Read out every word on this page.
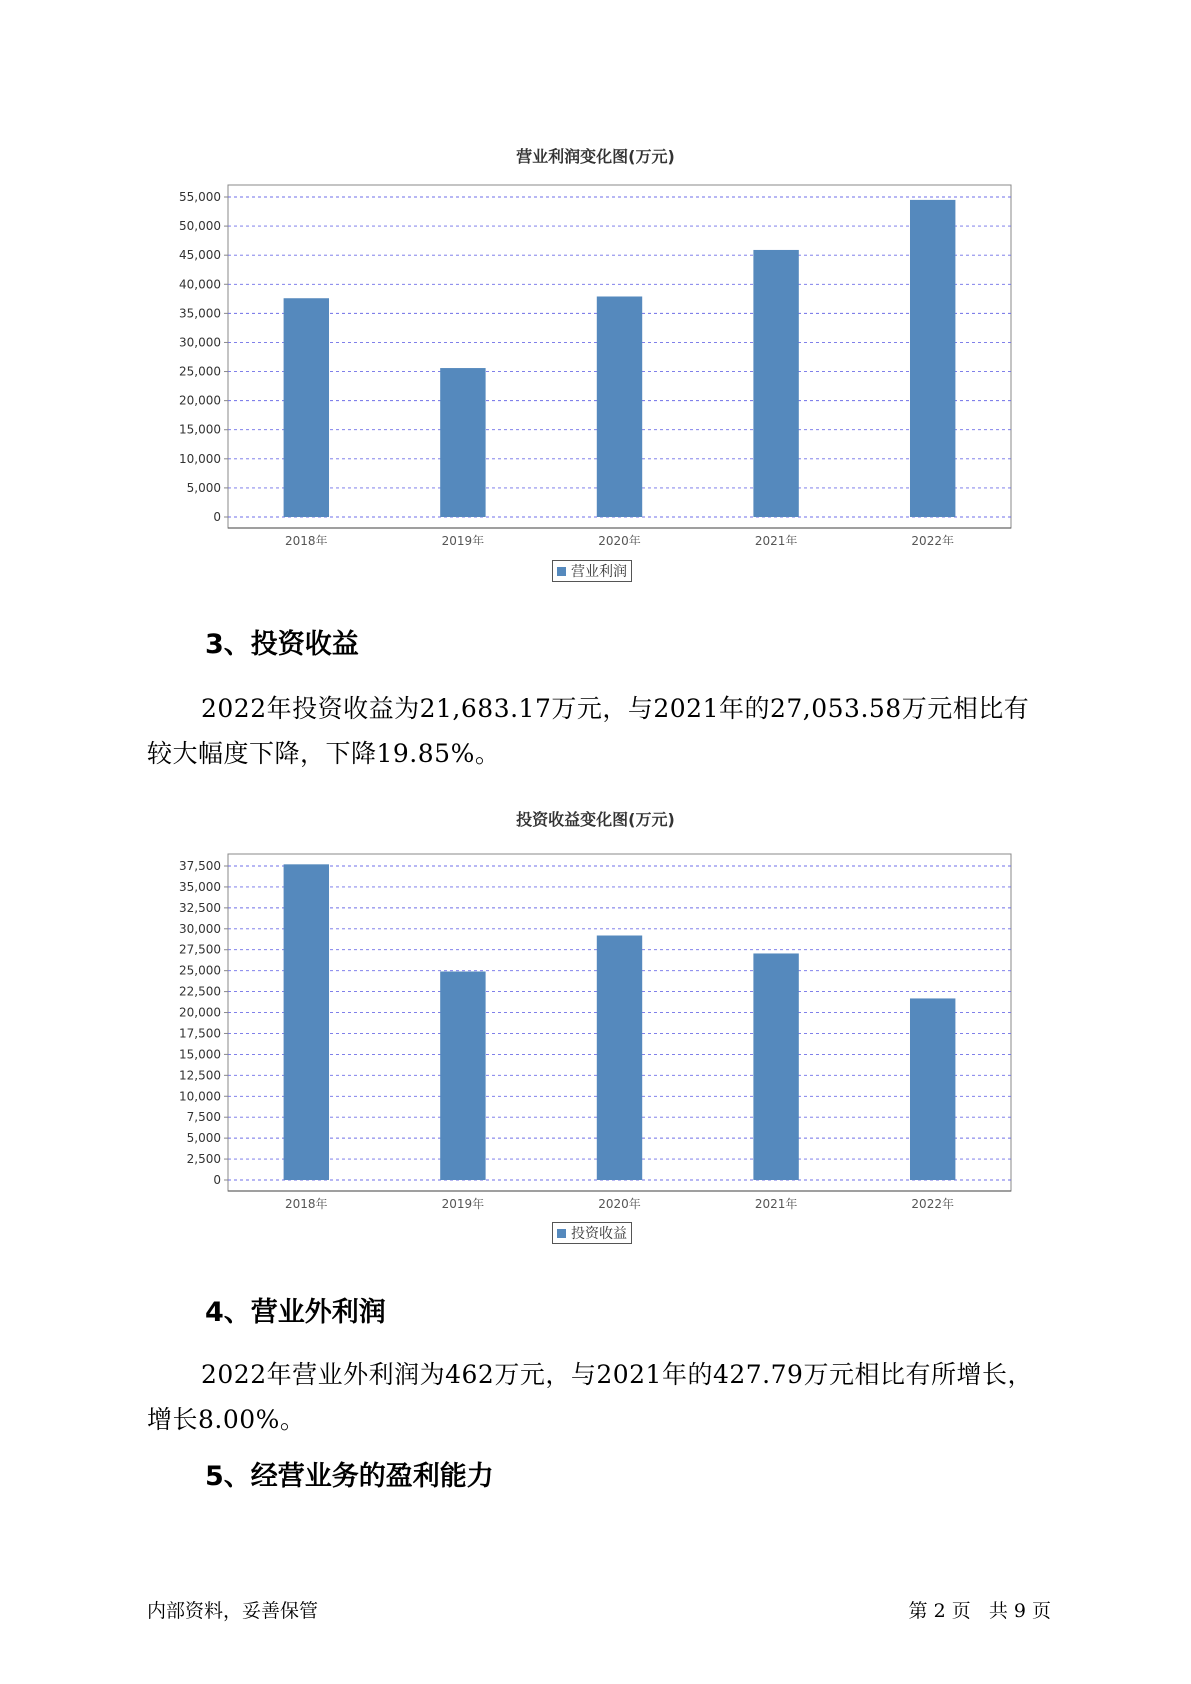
营业利润变化图(万元)
0
5,000
10,000
15,000
20,000
25,000
30,000
35,000
40,000
45,000
50,000
55,000
2018年	2019年	2020年	2021年	2022年
营业利润
3、投资收益
2022年投资收益为21,683.17万元，与2021年的27,053.58万元相比有较大幅度下降，下降19.85%。
投资收益变化图(万元)
0
2,500
5,000
7,500
10,000
12,500
15,000
17,500
20,000
22,500
25,000
27,500
30,000
32,500
35,000
37,500
2018年	2019年	2020年	2021年	2022年
投资收益
4、营业外利润
2022年营业外利润为462万元，与2021年的427.79万元相比有所增长，增长8.00%。
5、经营业务的盈利能力
内部资料，妥善保管	第 2 页   共 9 页
